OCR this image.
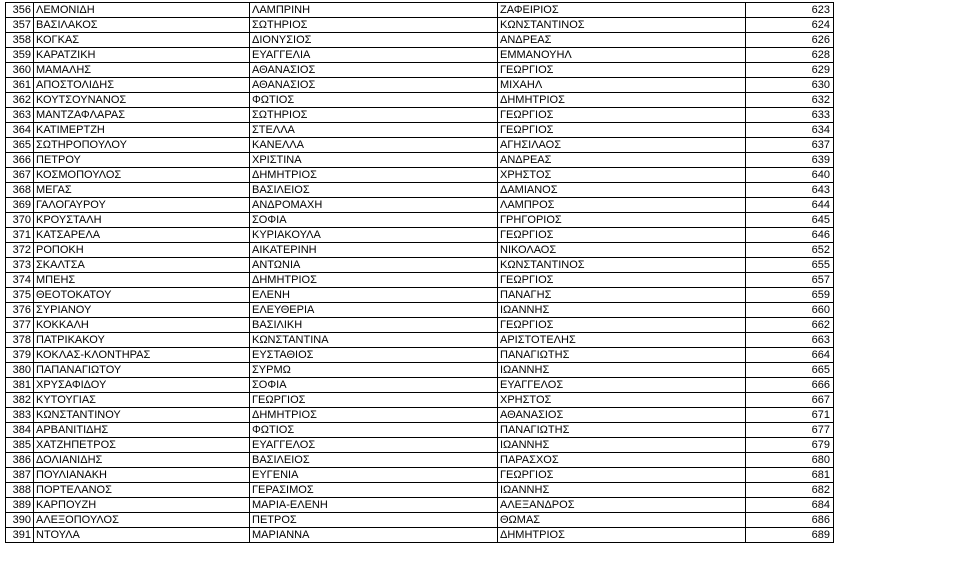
356	ΛΕΜΟΝΙΔΗ	ΛΑΜΠΡΙΝΗ	ΖΑΦΕΙΡΙΟΣ	623
357	ΒΑΣΙΛΑΚΟΣ	ΣΩΤΗΡΙΟΣ	ΚΩΝΣΤΑΝΤΙΝΟΣ	624
358	ΚΟΓΚΑΣ	ΔΙΟΝΥΣΙΟΣ	ΑΝΔΡΕΑΣ	626
359	ΚΑΡΑΤΖΙΚΗ	ΕΥΑΓΓΕΛΙΑ	ΕΜΜΑΝΟΥΗΛ	628
360	ΜΑΜΑΛΗΣ	ΑΘΑΝΑΣΙΟΣ	ΓΕΩΡΓΙΟΣ	629
361	ΑΠΟΣΤΟΛΙΔΗΣ	ΑΘΑΝΑΣΙΟΣ	ΜΙΧΑΗΛ	630
362	ΚΟΥΤΣΟΥΝΑΝΟΣ	ΦΩΤΙΟΣ	ΔΗΜΗΤΡΙΟΣ	632
363	ΜΑΝΤΖΑΦΛΑΡΑΣ	ΣΩΤΗΡΙΟΣ	ΓΕΩΡΓΙΟΣ	633
364	ΚΑΤΙΜΕΡΤΖΗ	ΣΤΕΛΛΑ	ΓΕΩΡΓΙΟΣ	634
365	ΣΩΤΗΡΟΠΟΥΛΟΥ	ΚΑΝΕΛΛΑ	ΑΓΗΣΙΛΑΟΣ	637
366	ΠΕΤΡΟΥ	ΧΡΙΣΤΙΝΑ	ΑΝΔΡΕΑΣ	639
367	ΚΟΣΜΟΠΟΥΛΟΣ	ΔΗΜΗΤΡΙΟΣ	ΧΡΗΣΤΟΣ	640
368	ΜΕΓΑΣ	ΒΑΣΙΛΕΙΟΣ	ΔΑΜΙΑΝΟΣ	643
369	ΓΑΛΟΓΑΥΡΟΥ	ΑΝΔΡΟΜΑΧΗ	ΛΑΜΠΡΟΣ	644
370	ΚΡΟΥΣΤΑΛΗ	ΣΟΦΙΑ	ΓΡΗΓΟΡΙΟΣ	645
371	ΚΑΤΣΑΡΕΛΑ	ΚΥΡΙΑΚΟΥΛΑ	ΓΕΩΡΓΙΟΣ	646
372	ΡΟΠΟΚΗ	ΑΙΚΑΤΕΡΙΝΗ	ΝΙΚΟΛΑΟΣ	652
373	ΣΚΑΛΤΣΑ	ΑΝΤΩΝΙΑ	ΚΩΝΣΤΑΝΤΙΝΟΣ	655
374	ΜΠΕΗΣ	ΔΗΜΗΤΡΙΟΣ	ΓΕΩΡΓΙΟΣ	657
375	ΘΕΟΤΟΚΑΤΟΥ	ΕΛΕΝΗ	ΠΑΝΑΓΗΣ	659
376	ΣΥΡΙΑΝΟΥ	ΕΛΕΥΘΕΡΙΑ	ΙΩΑΝΝΗΣ	660
377	ΚΟΚΚΑΛΗ	ΒΑΣΙΛΙΚΗ	ΓΕΩΡΓΙΟΣ	662
378	ΠΑΤΡΙΚΑΚΟΥ	ΚΩΝΣΤΑΝΤΙΝΑ	ΑΡΙΣΤΟΤΕΛΗΣ	663
379	ΚΟΚΛΑΣ-ΚΛΟΝΤΗΡΑΣ	ΕΥΣΤΑΘΙΟΣ	ΠΑΝΑΓΙΩΤΗΣ	664
380	ΠΑΠΑΝΑΓΙΩΤΟΥ	ΣΥΡΜΩ	ΙΩΑΝΝΗΣ	665
381	ΧΡΥΣΑΦΙΔΟΥ	ΣΟΦΙΑ	ΕΥΑΓΓΕΛΟΣ	666
382	ΚΥΤΟΥΓΙΑΣ	ΓΕΩΡΓΙΟΣ	ΧΡΗΣΤΟΣ	667
383	ΚΩΝΣΤΑΝΤΙΝΟΥ	ΔΗΜΗΤΡΙΟΣ	ΑΘΑΝΑΣΙΟΣ	671
384	ΑΡΒΑΝΙΤΙΔΗΣ	ΦΩΤΙΟΣ	ΠΑΝΑΓΙΩΤΗΣ	677
385	ΧΑΤΖΗΠΕΤΡΟΣ	ΕΥΑΓΓΕΛΟΣ	ΙΩΑΝΝΗΣ	679
386	ΔΟΛΙΑΝΙΔΗΣ	ΒΑΣΙΛΕΙΟΣ	ΠΑΡΑΣΧΟΣ	680
387	ΠΟΥΛΙΑΝΑΚΗ	ΕΥΓΕΝΙΑ	ΓΕΩΡΓΙΟΣ	681
388	ΠΟΡΤΕΛΑΝΟΣ	ΓΕΡΑΣΙΜΟΣ	ΙΩΑΝΝΗΣ	682
389	ΚΑΡΠΟΥΖΗ	ΜΑΡΙΑ-ΕΛΕΝΗ	ΑΛΕΞΑΝΔΡΟΣ	684
390	ΑΛΕΞΟΠΟΥΛΟΣ	ΠΕΤΡΟΣ	ΘΩΜΑΣ	686
391	ΝΤΟΥΛΑ	ΜΑΡΙΑΝΝΑ	ΔΗΜΗΤΡΙΟΣ	689
